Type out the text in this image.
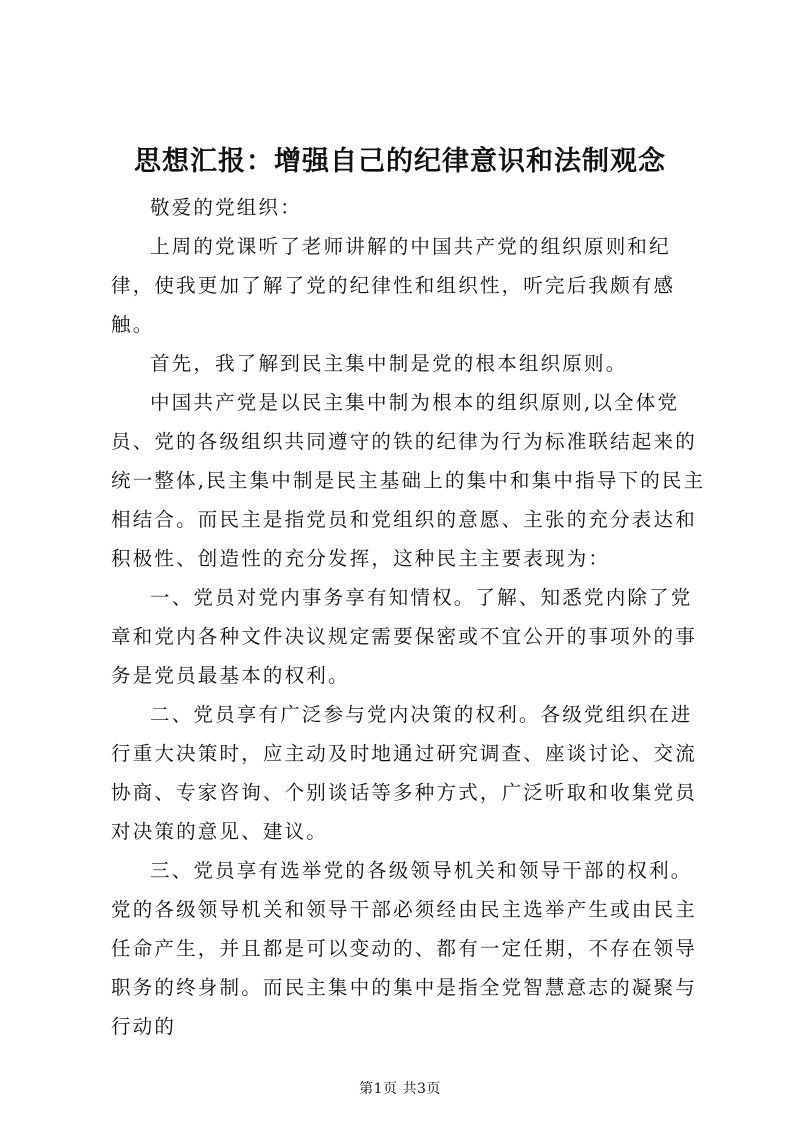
思想汇报：增强自己的纪律意识和法制观念

敬爱的党组织：

上周的党课听了老师讲解的中国共产党的组织原则和纪律，使我更加了解了党的纪律性和组织性，听完后我颇有感触。

首先，我了解到民主集中制是党的根本组织原则。

中国共产党是以民主集中制为根本的组织原则,以全体党员、党的各级组织共同遵守的铁的纪律为行为标准联结起来的统一整体,民主集中制是民主基础上的集中和集中指导下的民主相结合。而民主是指党员和党组织的意愿、主张的充分表达和积极性、创造性的充分发挥，这种民主主要表现为：

一、党员对党内事务享有知情权。了解、知悉党内除了党章和党内各种文件决议规定需要保密或不宜公开的事项外的事务是党员最基本的权利。

二、党员享有广泛参与党内决策的权利。各级党组织在进行重大决策时，应主动及时地通过研究调查、座谈讨论、交流协商、专家咨询、个别谈话等多种方式，广泛听取和收集党员对决策的意见、建议。

三、党员享有选举党的各级领导机关和领导干部的权利。党的各级领导机关和领导干部必须经由民主选举产生或由民主任命产生，并且都是可以变动的、都有一定任期，不存在领导职务的终身制。而民主集中的集中是指全党智慧意志的凝聚与行动的

第1页 共3页
